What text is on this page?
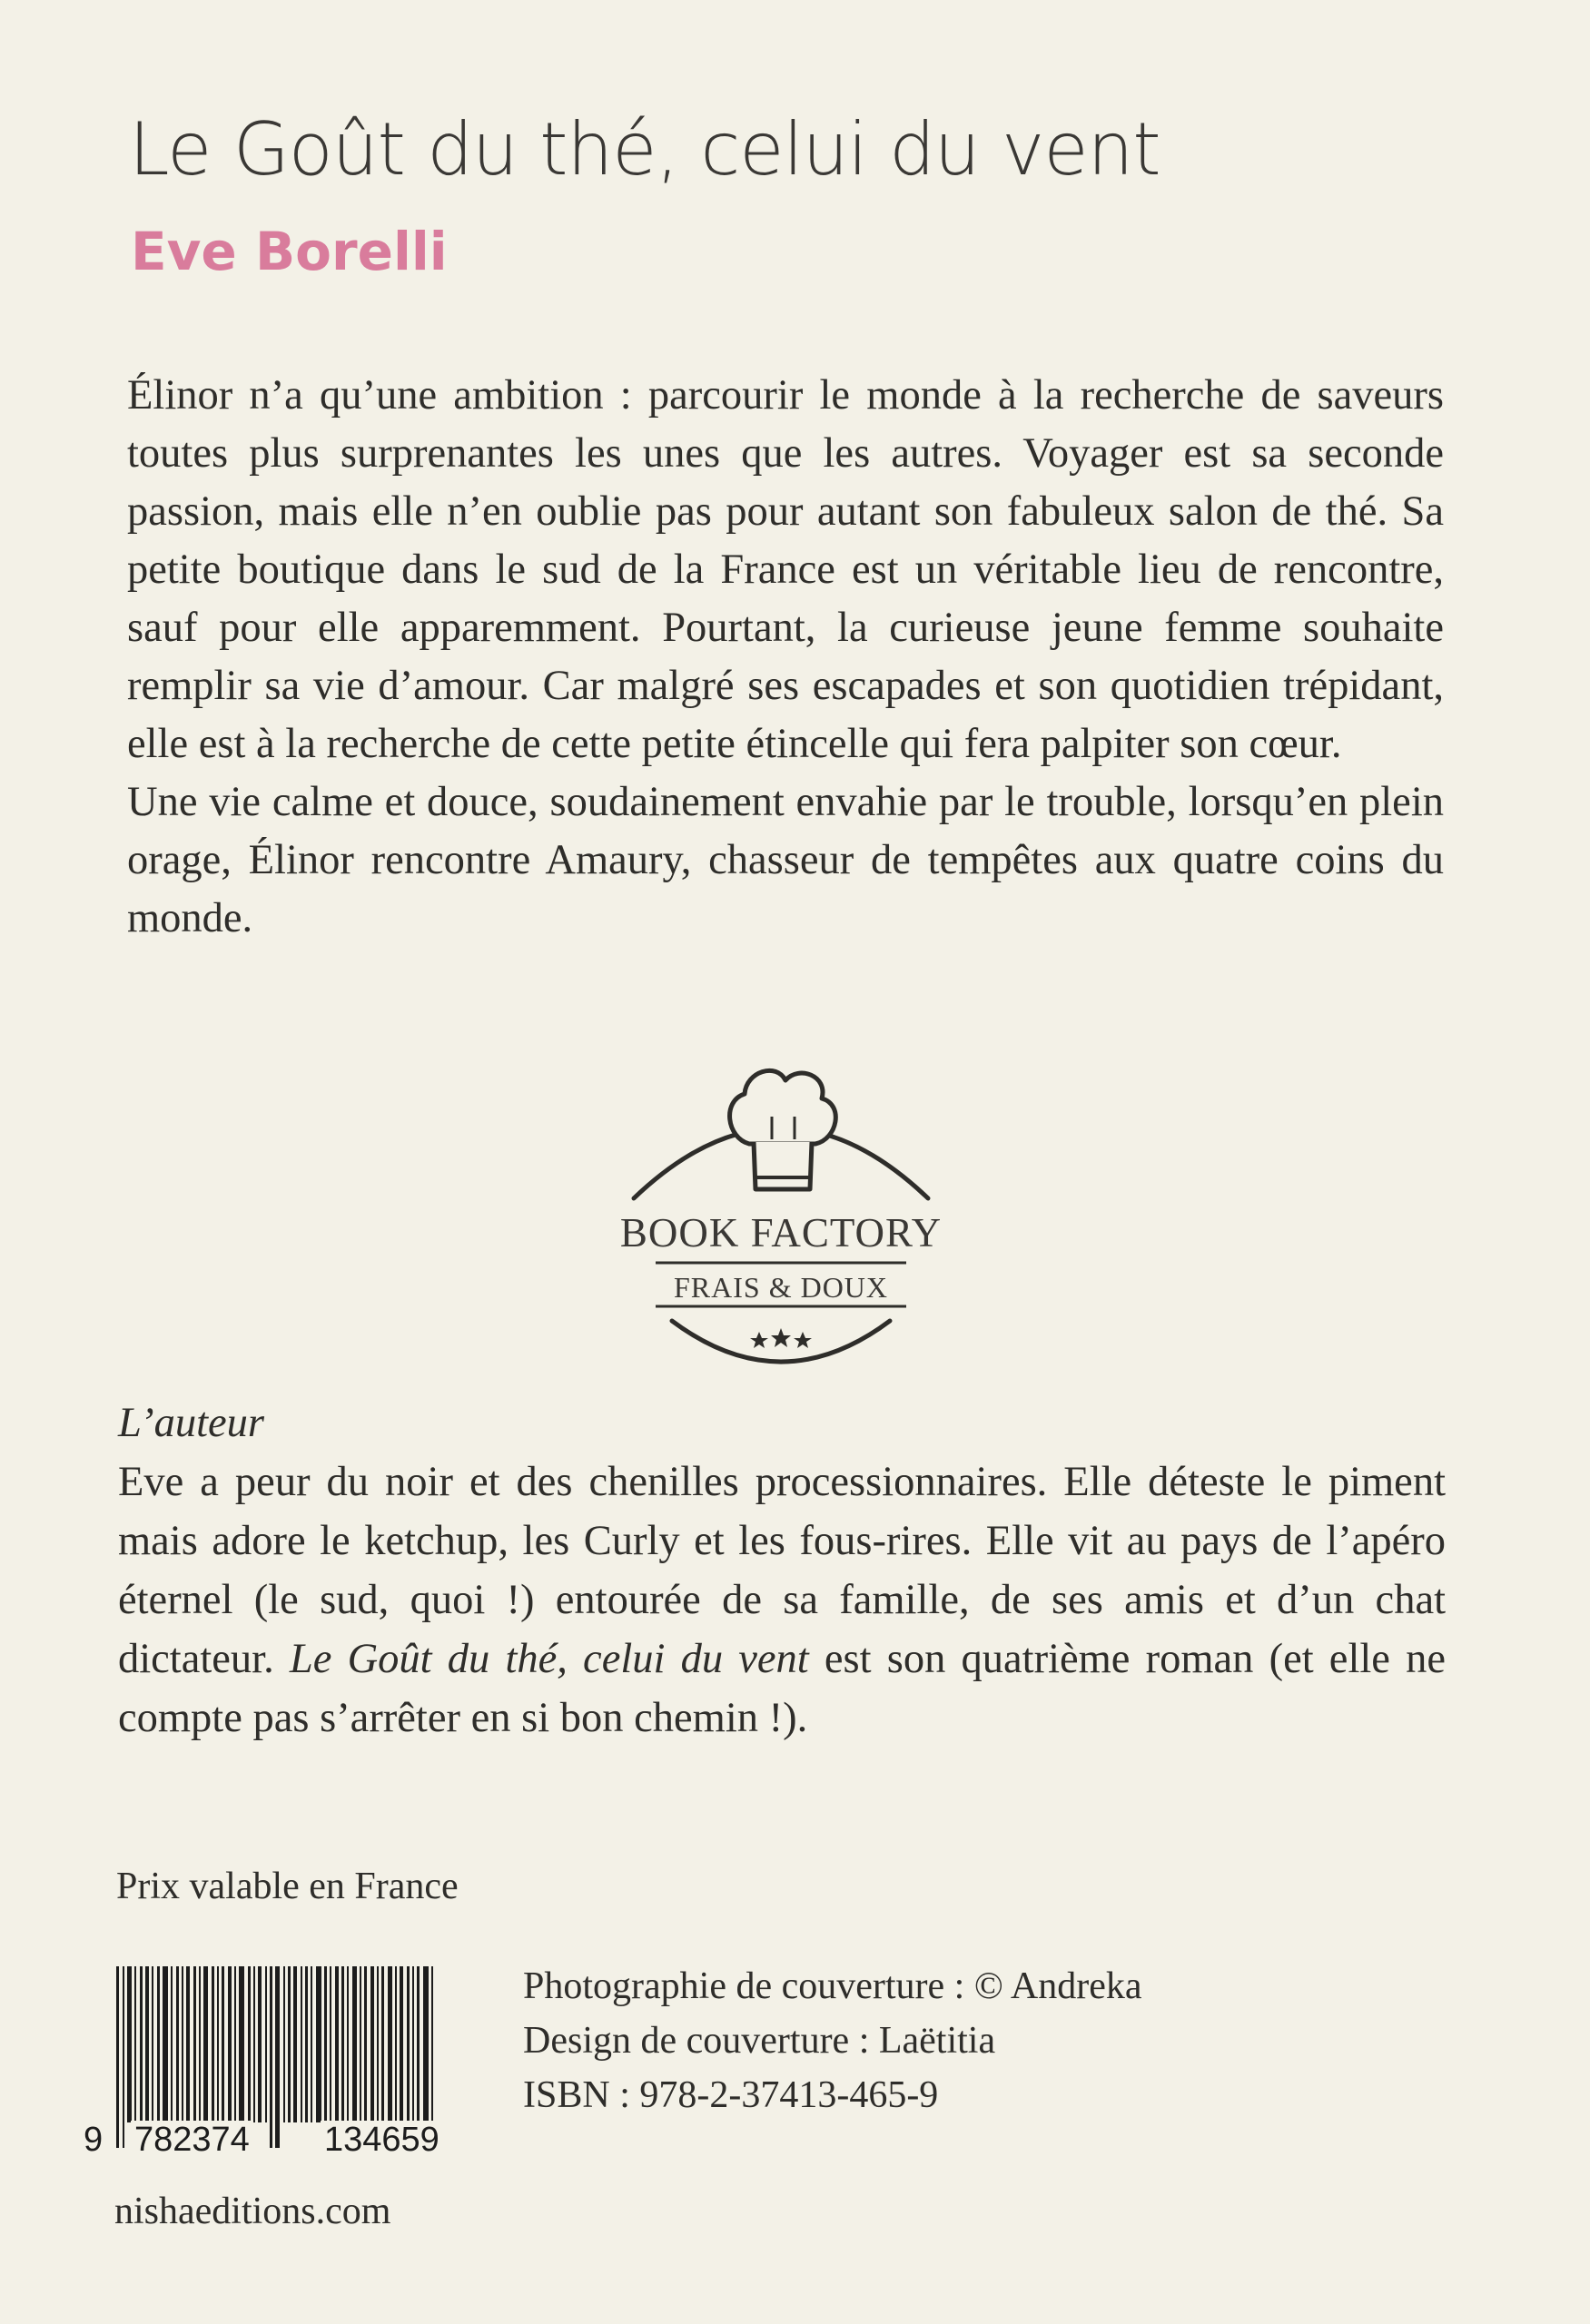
Le Goût du thé, celui du vent
Eve Borelli

Élinor n’a qu’une ambition : parcourir le monde à la recherche de saveurs toutes plus surprenantes les unes que les autres. Voyager est sa seconde passion, mais elle n’en oublie pas pour autant son fabuleux salon de thé. Sa petite boutique dans le sud de la France est un véritable lieu de rencontre, sauf pour elle apparemment. Pourtant, la curieuse jeune femme souhaite remplir sa vie d’amour. Car malgré ses escapades et son quotidien trépidant, elle est à la recherche de cette petite étincelle qui fera palpiter son cœur.

Une vie calme et douce, soudainement envahie par le trouble, lorsqu’en plein orage, Élinor rencontre Amaury, chasseur de tempêtes aux quatre coins du monde.

BOOK FACTORY
FRAIS & DOUX

L’auteur

Eve a peur du noir et des chenilles processionnaires. Elle déteste le piment mais adore le ketchup, les Curly et les fous-rires. Elle vit au pays de l’apéro éternel (le sud, quoi !) entourée de sa famille, de ses amis et d’un chat dictateur. Le Goût du thé, celui du vent est son quatrième roman (et elle ne compte pas s’arrêter en si bon chemin !).

Prix valable en France
9 782374 134659
Photographie de couverture : © Andreka
Design de couverture : Laëtitia
ISBN : 978-2-37413-465-9
nishaeditions.com
